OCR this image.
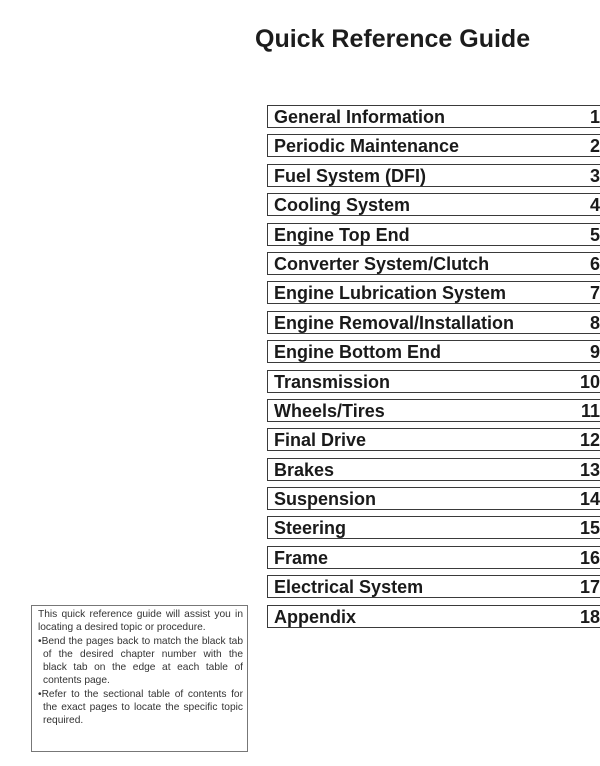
Quick Reference Guide
General Information	1
Periodic Maintenance	2
Fuel System (DFI)	3
Cooling System	4
Engine Top End	5
Converter System/Clutch	6
Engine Lubrication System	7
Engine Removal/Installation	8
Engine Bottom End	9
Transmission	10
Wheels/Tires	11
Final Drive	12
Brakes	13
Suspension	14
Steering	15
Frame	16
Electrical System	17
Appendix	18

This quick reference guide will assist you in locating a desired topic or procedure.

•Bend the pages back to match the black tab of the desired chapter number with the black tab on the edge at each table of contents page.

•Refer to the sectional table of contents for the exact pages to locate the specific topic required.
